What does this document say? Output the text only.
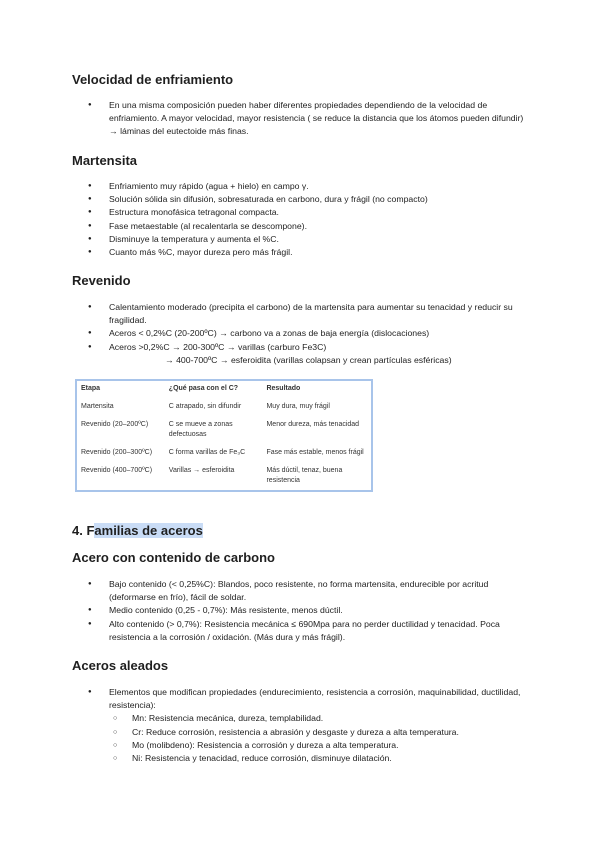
Velocidad de enfriamiento
● En una misma composición pueden haber diferentes propiedades dependiendo de la velocidad de enfriamiento. A mayor velocidad, mayor resistencia ( se reduce la distancia que los átomos pueden difundir) → láminas del eutectoide más finas.
Martensita
● Enfriamiento muy rápido (agua + hielo) en campo γ.
● Solución sólida sin difusión, sobresaturada en carbono, dura y frágil (no compacto)
● Estructura monofásica tetragonal compacta.
● Fase metaestable (al recalentarla se descompone).
● Disminuye la temperatura y aumenta el %C.
● Cuanto más %C, mayor dureza pero más frágil.
Revenido
● Calentamiento moderado (precipita el carbono) de la martensita para aumentar su tenacidad y reducir su fragilidad.
● Aceros < 0,2%C (20-200ºC) → carbono va a zonas de baja energía (dislocaciones)
● Aceros >0,2%C → 200-300ºC → varillas (carburo Fe3C)
→ 400-700ºC → esferoidita (varillas colapsan y crean partículas esféricas)
Etapa	¿Qué pasa con el C?	Resultado
Martensita	C atrapado, sin difundir	Muy dura, muy frágil
Revenido (20–200ºC)	C se mueve a zonas defectuosas	Menor dureza, más tenacidad
Revenido (200–300ºC)	C forma varillas de Fe₃C	Fase más estable, menos frágil
Revenido (400–700ºC)	Varillas → esferoidita	Más dúctil, tenaz, buena resistencia
4. Familias de aceros
Acero con contenido de carbono
● Bajo contenido (< 0,25%C): Blandos, poco resistente, no forma martensita, endurecible por acritud (deformarse en frío), fácil de soldar.
● Medio contenido (0,25 - 0,7%): Más resistente, menos dúctil.
● Alto contenido (> 0,7%): Resistencia mecánica ≤ 690Mpa para no perder ductilidad y tenacidad. Poca resistencia a la corrosión / oxidación. (Más dura y más frágil).
Aceros aleados
● Elementos que modifican propiedades (endurecimiento, resistencia a corrosión, maquinabilidad, ductilidad, resistencia):
○ Mn: Resistencia mecánica, dureza, templabilidad.
○ Cr: Reduce corrosión, resistencia a abrasión y desgaste y dureza a alta temperatura.
○ Mo (molibdeno): Resistencia a corrosión y dureza a alta temperatura.
○ Ni: Resistencia y tenacidad, reduce corrosión, disminuye dilatación.
